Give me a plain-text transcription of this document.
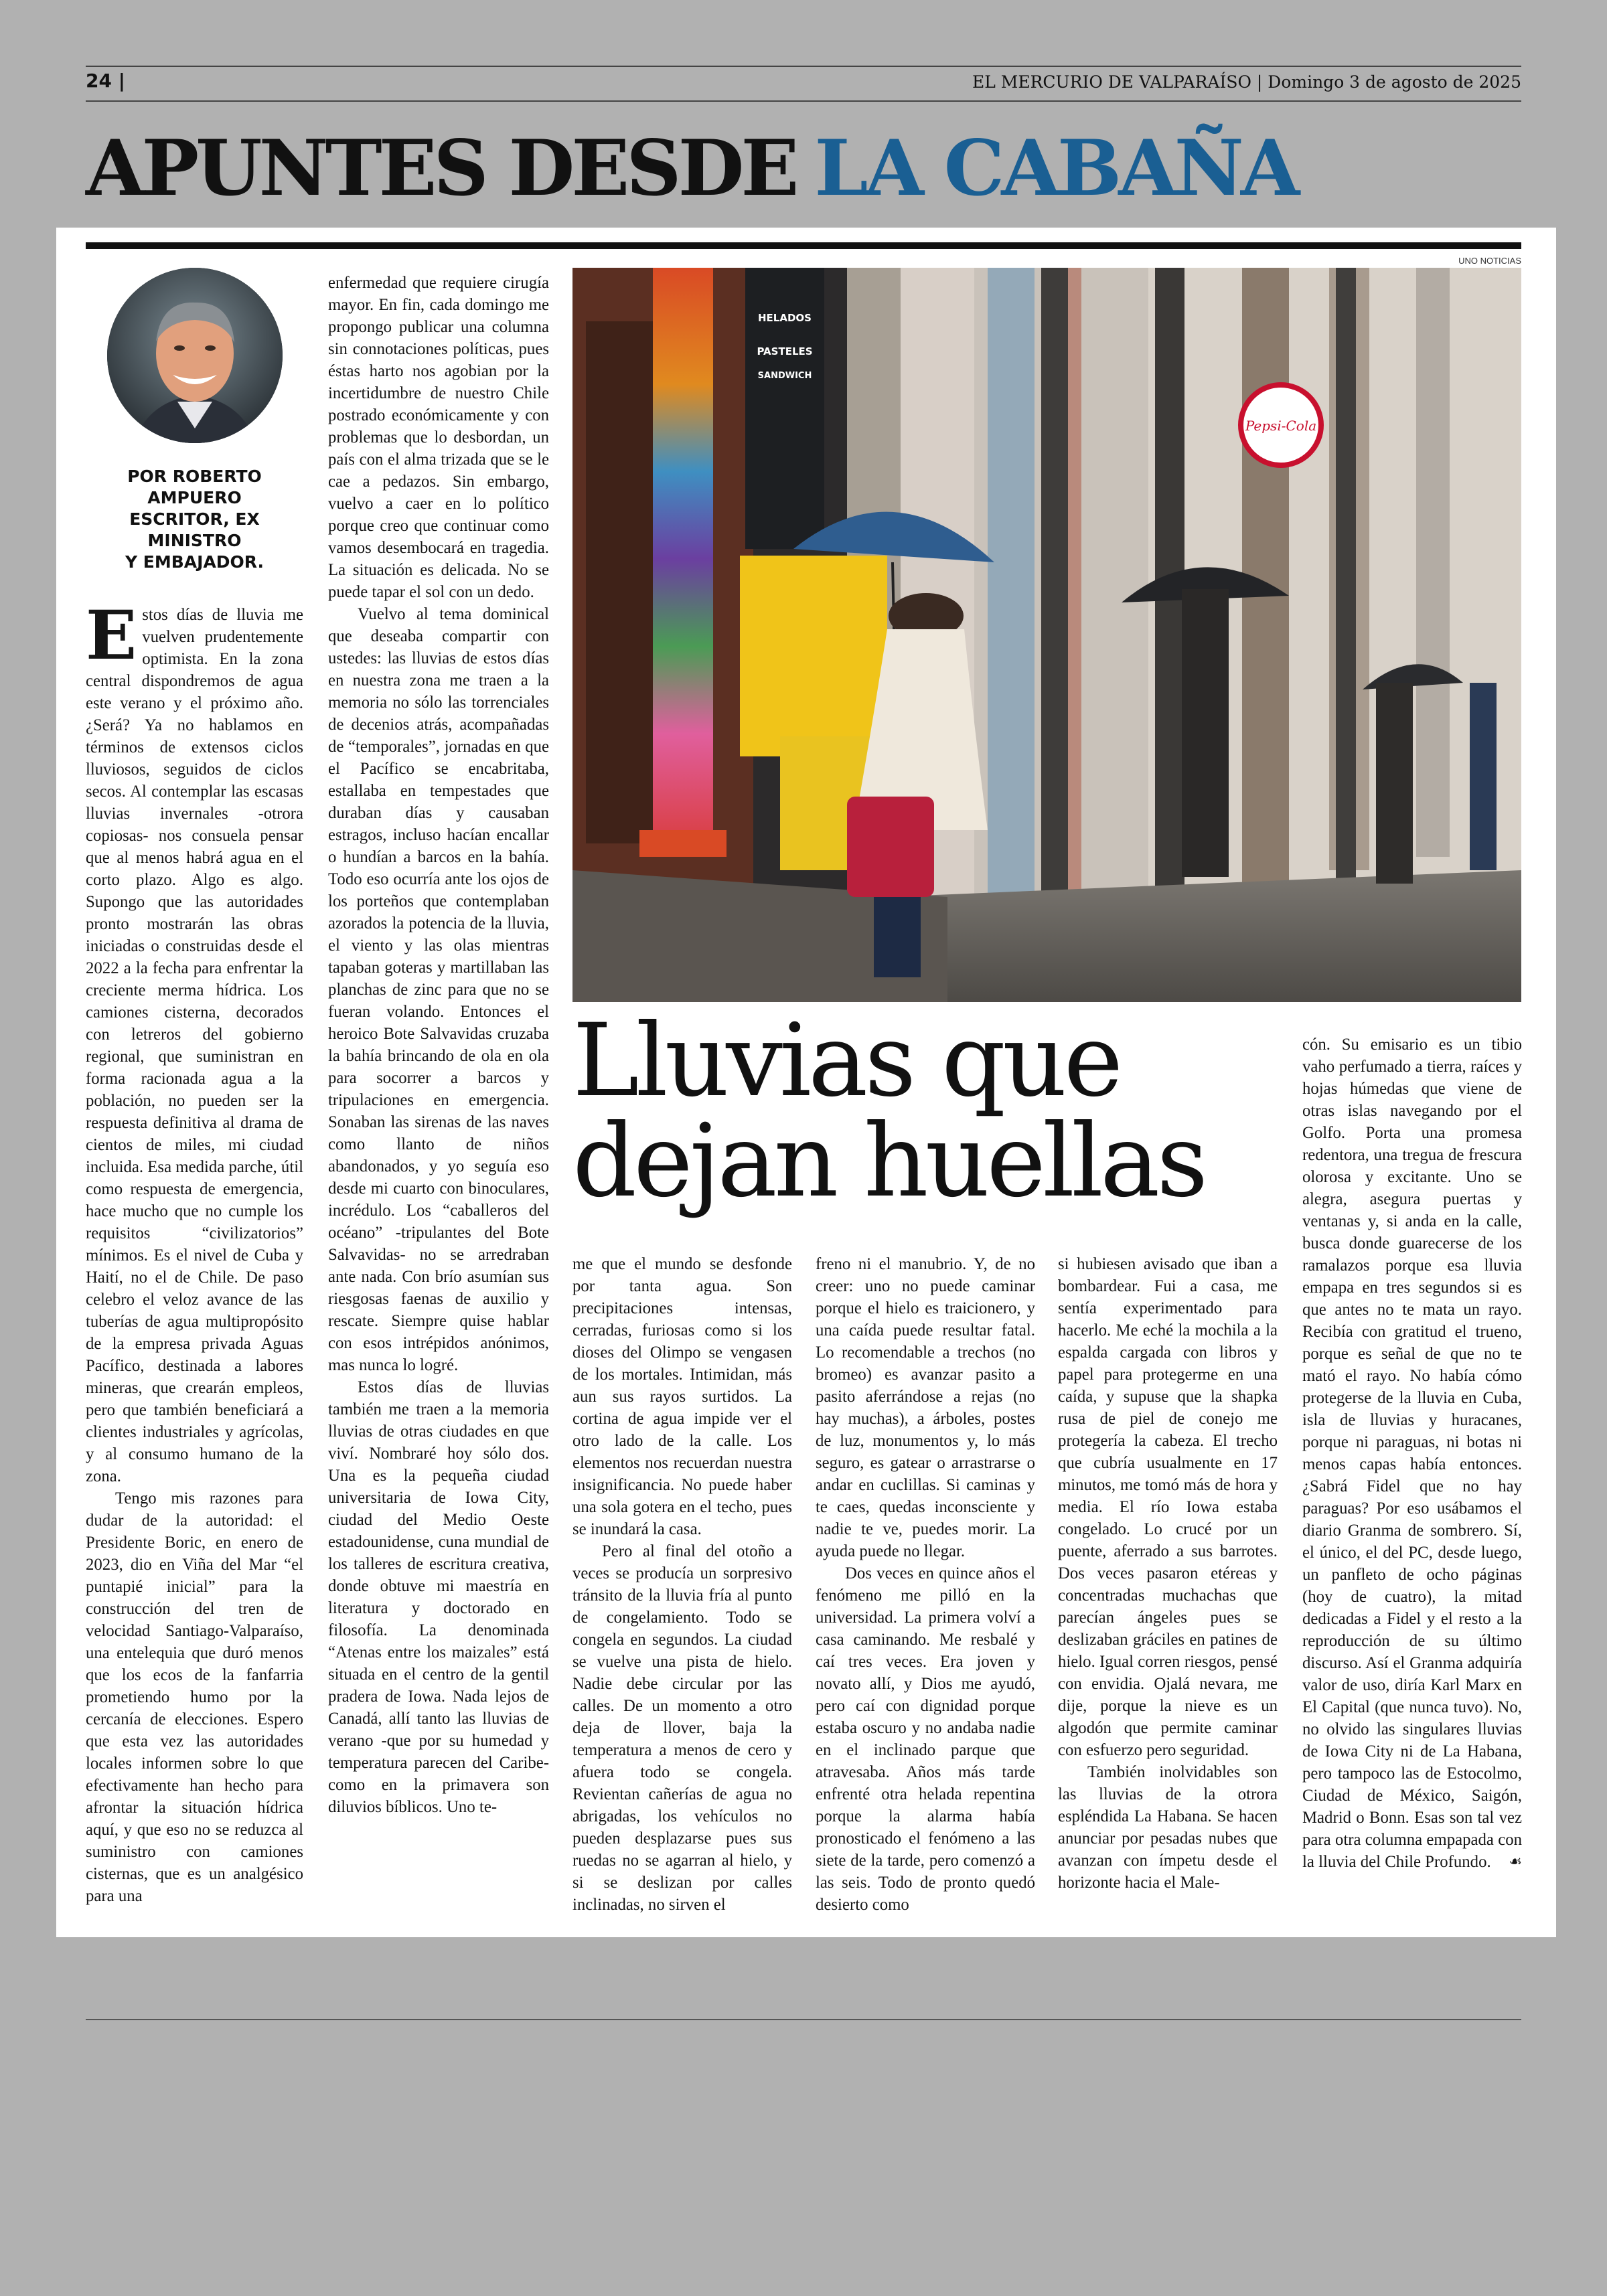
24 |	EL MERCURIO DE VALPARAÍSO | Domingo 3 de agosto de 2025
APUNTES DESDE LA CABAÑA
UNO NOTICIAS
POR ROBERTO AMPUERO
ESCRITOR, EX MINISTRO
Y EMBAJADOR.
HELADOS
PASTELES
SANDWICH
Pepsi-Cola
Lluvias que
dejan huellas

Estos días de lluvia me vuelven prudentemente optimista. En la zona central dispondremos de agua este verano y el próximo año. ¿Será? Ya no hablamos en términos de extensos ciclos lluviosos, seguidos de ciclos secos. Al contemplar las escasas lluvias invernales -otrora copiosas- nos consuela pensar que al menos habrá agua en el corto plazo. Algo es algo. Supongo que las autoridades pronto mostrarán las obras iniciadas o construidas desde el 2022 a la fecha para enfrentar la creciente merma hídrica. Los camiones cisterna, decorados con letreros del gobierno regional, que suministran en forma racionada agua a la población, no pueden ser la respuesta definitiva al drama de cientos de miles, mi ciudad incluida. Esa medida parche, útil como respuesta de emergencia, hace mucho que no cumple los requisitos “civilizatorios” mínimos. Es el nivel de Cuba y Haití, no el de Chile. De paso celebro el veloz avance de las tuberías de agua multipropósito de la empresa privada Aguas Pacífico, destinada a labores mineras, que crearán empleos, pero que también beneficiará a clientes industriales y agrícolas, y al consumo humano de la zona.

Tengo mis razones para dudar de la autoridad: el Presidente Boric, en enero de 2023, dio en Viña del Mar “el puntapié inicial” para la construcción del tren de velocidad Santiago-Valparaíso, una entelequia que duró menos que los ecos de la fanfarria prometiendo humo por la cercanía de elecciones. Espero que esta vez las autoridades locales informen sobre lo que efectivamente han hecho para afrontar la situación hídrica aquí, y que eso no se reduzca al suministro con camiones cisternas, que es un analgésico para una

enfermedad que requiere cirugía mayor. En fin, cada domingo me propongo publicar una columna sin connotaciones políticas, pues éstas harto nos agobian por la incertidumbre de nuestro Chile postrado económicamente y con problemas que lo desbordan, un país con el alma trizada que se le cae a pedazos. Sin embargo, vuelvo a caer en lo político porque creo que continuar como vamos desembocará en tragedia. La situación es delicada. No se puede tapar el sol con un dedo.

Vuelvo al tema dominical que deseaba compartir con ustedes: las lluvias de estos días en nuestra zona me traen a la memoria no sólo las torrenciales de decenios atrás, acompañadas de “temporales”, jornadas en que el Pacífico se encabritaba, estallaba en tempestades que duraban días y causaban estragos, incluso hacían encallar o hundían a barcos en la bahía. Todo eso ocurría ante los ojos de los porteños que contemplaban azorados la potencia de la lluvia, el viento y las olas mientras tapaban goteras y martillaban las planchas de zinc para que no se fueran volando. Entonces el heroico Bote Salvavidas cruzaba la bahía brincando de ola en ola para socorrer a barcos y tripulaciones en emergencia. Sonaban las sirenas de las naves como llanto de niños abandonados, y yo seguía eso desde mi cuarto con binoculares, incrédulo. Los “caballeros del océano” -tripulantes del Bote Salvavidas- no se arredraban ante nada. Con brío asumían sus riesgosas faenas de auxilio y rescate. Siempre quise hablar con esos intrépidos anónimos, mas nunca lo logré.

Estos días de lluvias también me traen a la memoria lluvias de otras ciudades en que viví. Nombraré hoy sólo dos. Una es la pequeña ciudad universitaria de Iowa City, ciudad del Medio Oeste estadounidense, cuna mundial de los talleres de escritura creativa, donde obtuve mi maestría en literatura y doctorado en filosofía. La denominada “Atenas entre los maizales” está situada en el centro de la gentil pradera de Iowa. Nada lejos de Canadá, allí tanto las lluvias de verano -que por su humedad y temperatura parecen del Caribe- como en la primavera son diluvios bíblicos. Uno te-

me que el mundo se desfonde por tanta agua. Son precipitaciones intensas, cerradas, furiosas como si los dioses del Olimpo se vengasen de los mortales. Intimidan, más aun sus rayos surtidos. La cortina de agua impide ver el otro lado de la calle. Los elementos nos recuerdan nuestra insignificancia. No puede haber una sola gotera en el techo, pues se inundará la casa.

Pero al final del otoño a veces se producía un sorpresivo tránsito de la lluvia fría al punto de congelamiento. Todo se congela en segundos. La ciudad se vuelve una pista de hielo. Nadie debe circular por las calles. De un momento a otro deja de llover, baja la temperatura a menos de cero y afuera todo se congela. Revientan cañerías de agua no abrigadas, los vehículos no pueden desplazarse pues sus ruedas no se agarran al hielo, y si se deslizan por calles inclinadas, no sirven el

freno ni el manubrio. Y, de no creer: uno no puede caminar porque el hielo es traicionero, y una caída puede resultar fatal. Lo recomendable a trechos (no bromeo) es avanzar pasito a pasito aferrándose a rejas (no hay muchas), a árboles, postes de luz, monumentos y, lo más seguro, es gatear o arrastrarse o andar en cuclillas. Si caminas y te caes, quedas inconsciente y nadie te ve, puedes morir. La ayuda puede no llegar.

Dos veces en quince años el fenómeno me pilló en la universidad. La primera volví a casa caminando. Me resbalé y caí tres veces. Era joven y novato allí, y Dios me ayudó, pero caí con dignidad porque estaba oscuro y no andaba nadie en el inclinado parque que atravesaba. Años más tarde enfrenté otra helada repentina porque la alarma había pronosticado el fenómeno a las siete de la tarde, pero comenzó a las seis. Todo de pronto quedó desierto como

si hubiesen avisado que iban a bombardear. Fui a casa, me sentía experimentado para hacerlo. Me eché la mochila a la espalda cargada con libros y papel para protegerme en una caída, y supuse que la shapka rusa de piel de conejo me protegería la cabeza. El trecho que cubría usualmente en 17 minutos, me tomó más de hora y media. El río Iowa estaba congelado. Lo crucé por un puente, aferrado a sus barrotes. Dos veces pasaron etéreas y concentradas muchachas que parecían ángeles pues se deslizaban gráciles en patines de hielo. Igual corren riesgos, pensé con envidia. Ojalá nevara, me dije, porque la nieve es un algodón que permite caminar con esfuerzo pero seguridad.

También inolvidables son las lluvias de la otrora espléndida La Habana. Se hacen anunciar por pesadas nubes que avanzan con ímpetu desde el horizonte hacia el Male-

cón. Su emisario es un tibio vaho perfumado a tierra, raíces y hojas húmedas que viene de otras islas navegando por el Golfo. Porta una promesa redentora, una tregua de frescura olorosa y excitante. Uno se alegra, asegura puertas y ventanas y, si anda en la calle, busca donde guarecerse de los ramalazos porque esa lluvia empapa en tres segundos si es que antes no te mata un rayo. Recibía con gratitud el trueno, porque es señal de que no te mató el rayo. No había cómo protegerse de la lluvia en Cuba, isla de lluvias y huracanes, porque ni paraguas, ni botas ni menos capas había entonces. ¿Sabrá Fidel que no hay paraguas? Por eso usábamos el diario Granma de sombrero. Sí, el único, el del PC, desde luego, un panfleto de ocho páginas (hoy de cuatro), la mitad dedicadas a Fidel y el resto a la reproducción de su último discurso. Así el Granma adquiría valor de uso, diría Karl Marx en El Capital (que nunca tuvo). No, no olvido las singulares lluvias de Iowa City ni de La Habana, pero tampoco las de Estocolmo, Ciudad de México, Saigón, Madrid o Bonn. Esas son tal vez para otra columna empapada con la lluvia del Chile Profundo. ☙
